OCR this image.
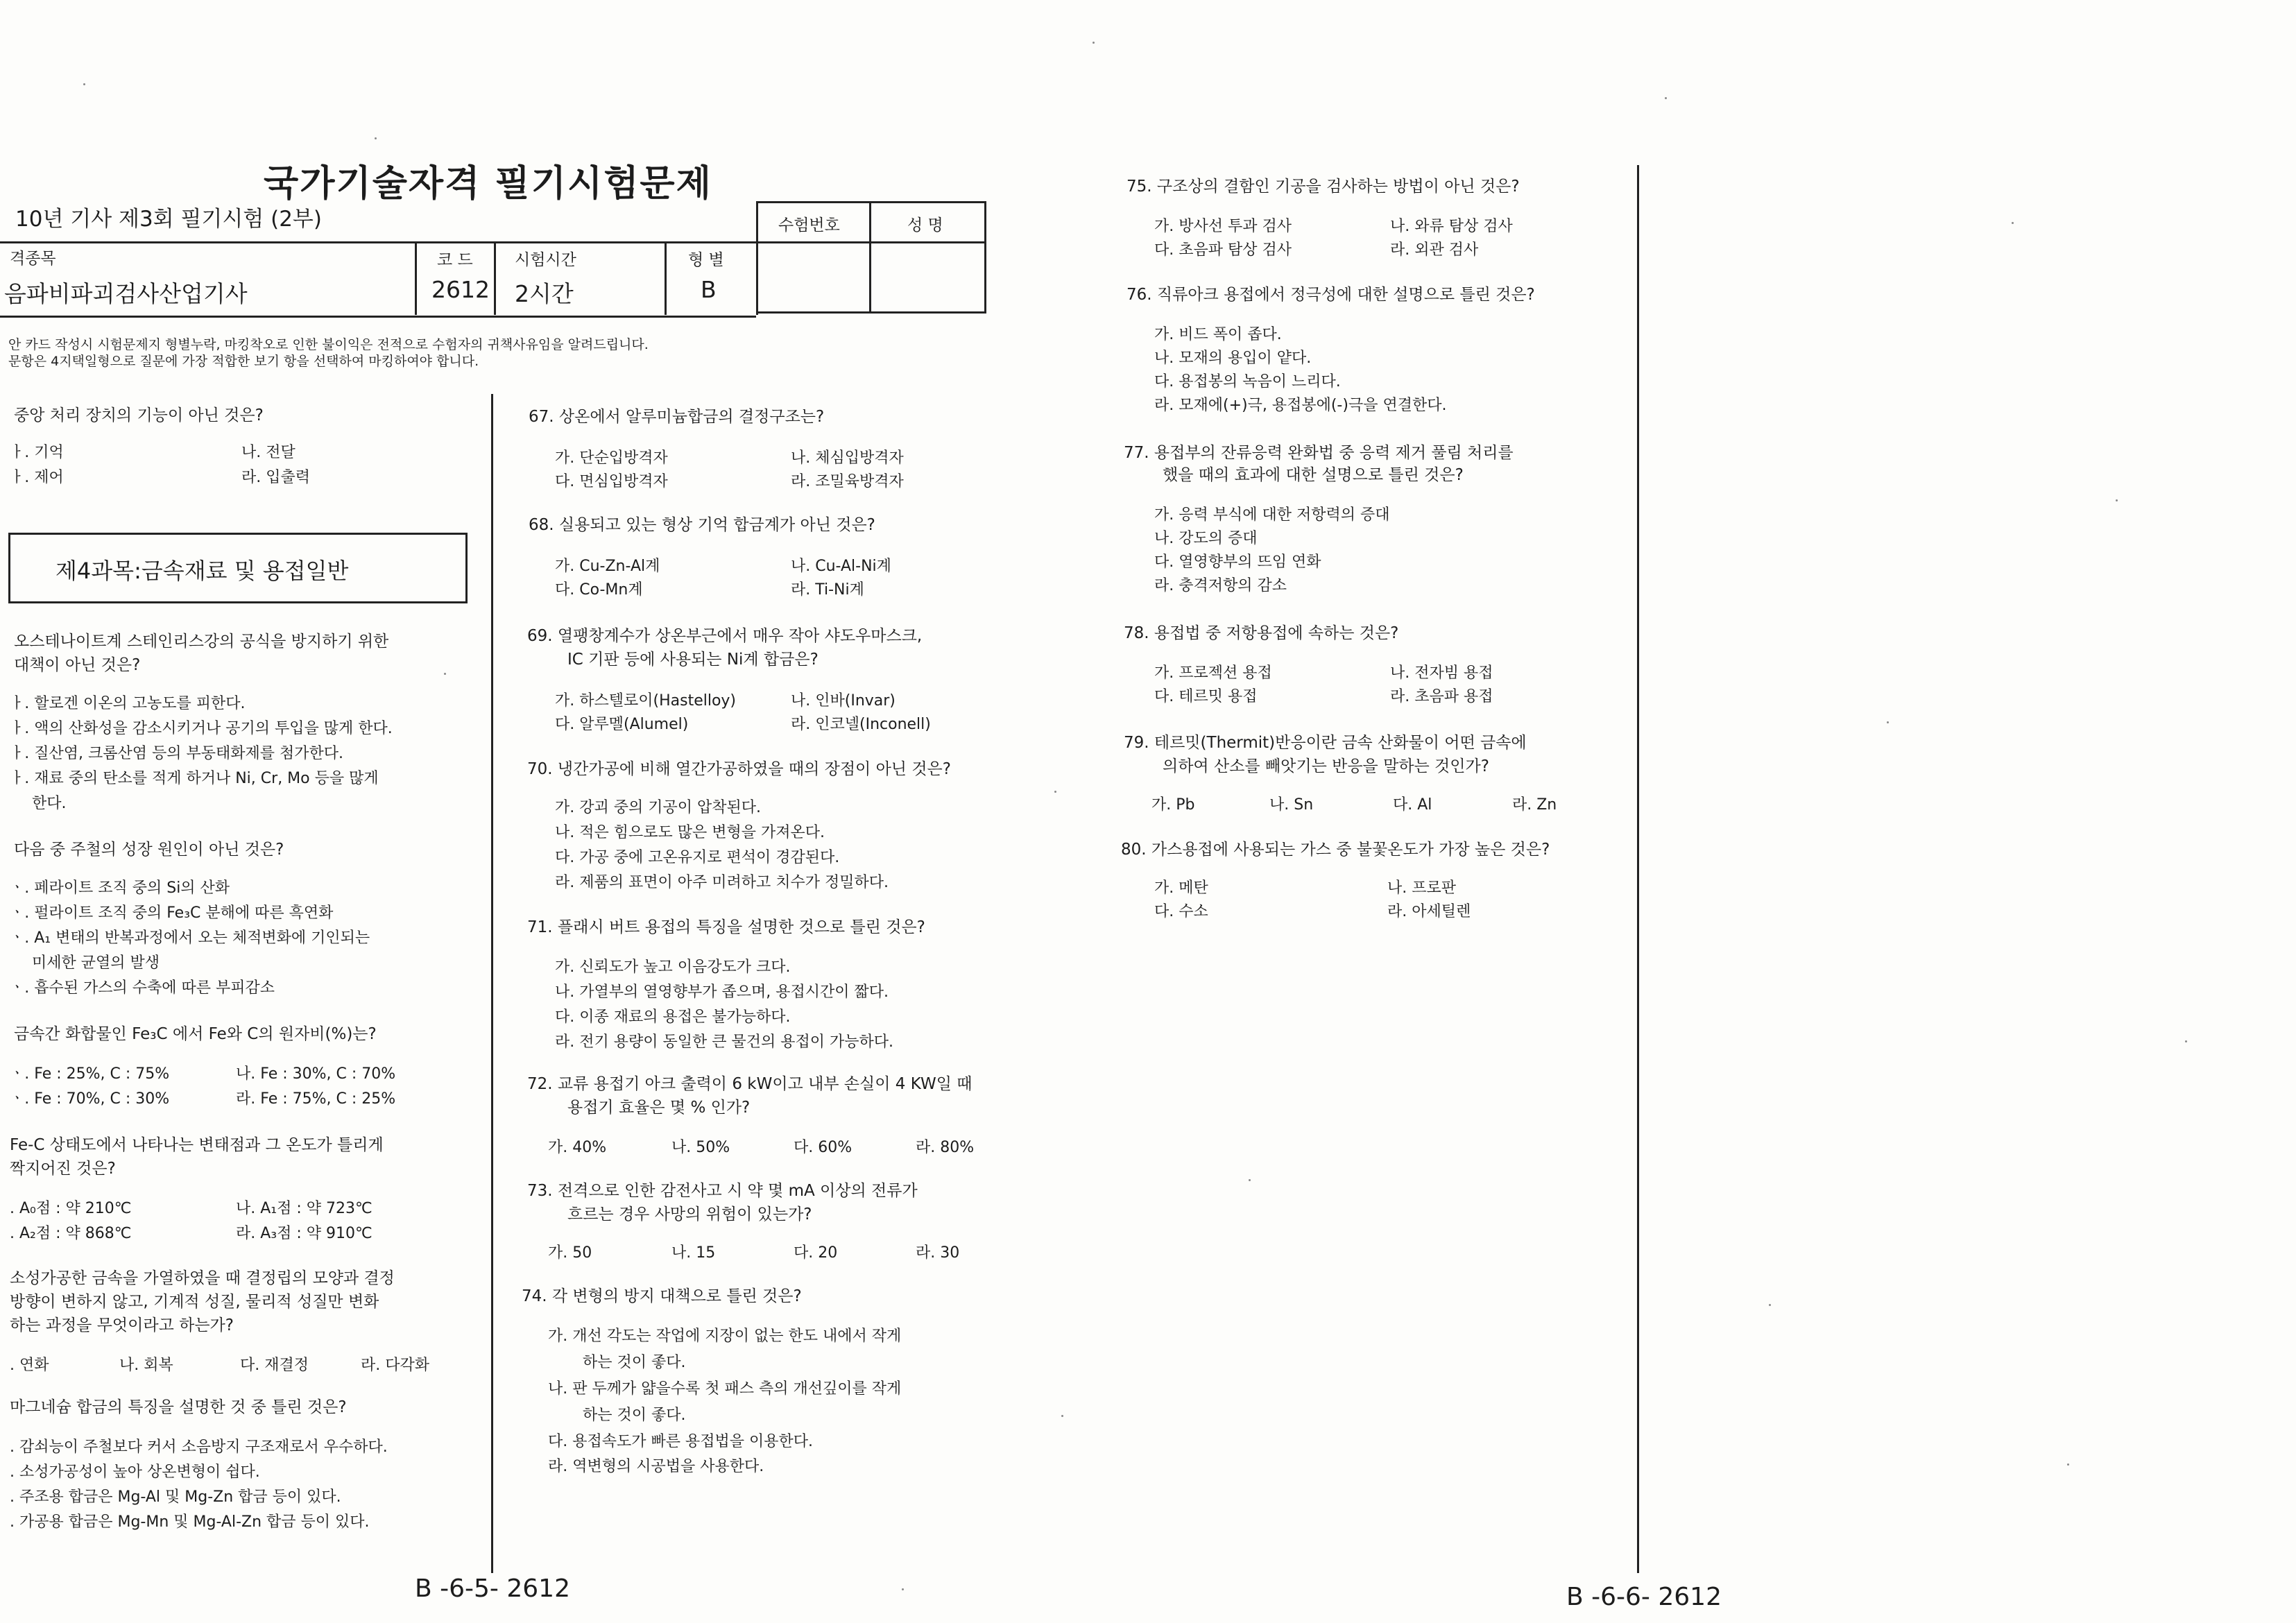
국가기술자격 필기시험문제
10년 기사 제3회 필기시험 (2부)
격종목
음파비파괴검사산업기사
코 드
2612
시험시간
2시간
형 별
B
수험번호	성 명
안 카드 작성시 시험문제지 형별누락, 마킹착오로 인한 불이익은 전적으로 수험자의 귀책사유임을 알려드립니다.
문항은 4지택일형으로 질문에 가장 적합한 보기 항을 선택하여 마킹하여야 합니다.
중앙 처리 장치의 기능이 아닌 것은?
ㅏ. 기억	나. 전달
ㅏ. 제어	라. 입출력
제4과목:금속재료 및 용접일반
오스테나이트계 스테인리스강의 공식을 방지하기 위한
대책이 아닌 것은?
ㅏ. 할로겐 이온의 고농도를 피한다.
ㅏ. 액의 산화성을 감소시키거나 공기의 투입을 많게 한다.
ㅏ. 질산염, 크롬산염 등의 부동태화제를 첨가한다.
ㅏ. 재료 중의 탄소를 적게 하거나 Ni, Cr, Mo 등을 많게
한다.
다음 중 주철의 성장 원인이 아닌 것은?
ㆍ. 페라이트 조직 중의 Si의 산화
ㆍ. 펄라이트 조직 중의 Fe₃C 분해에 따른 흑연화
ㆍ. A₁ 변태의 반복과정에서 오는 체적변화에 기인되는
미세한 균열의 발생
ㆍ. 흡수된 가스의 수축에 따른 부피감소
금속간 화합물인 Fe₃C 에서 Fe와 C의 원자비(%)는?
ㆍ. Fe : 25%, C : 75%	나. Fe : 30%, C : 70%
ㆍ. Fe : 70%, C : 30%	라. Fe : 75%, C : 25%
Fe-C 상태도에서 나타나는 변태점과 그 온도가 틀리게
짝지어진 것은?
. A₀점 : 약 210℃	나. A₁점 : 약 723℃
. A₂점 : 약 868℃	라. A₃점 : 약 910℃
소성가공한 금속을 가열하였을 때 결정립의 모양과 결정
방향이 변하지 않고, 기계적 성질, 물리적 성질만 변화
하는 과정을 무엇이라고 하는가?
. 연화	나. 회복	다. 재결정	라. 다각화
마그네슘 합금의 특징을 설명한 것 중 틀린 것은?
. 감쇠능이 주철보다 커서 소음방지 구조재로서 우수하다.
. 소성가공성이 높아 상온변형이 쉽다.
. 주조용 합금은 Mg-Al 및 Mg-Zn 합금 등이 있다.
. 가공용 합금은 Mg-Mn 및 Mg-Al-Zn 합금 등이 있다.
67. 상온에서 알루미늄합금의 결정구조는?
가. 단순입방격자	나. 체심입방격자
다. 면심입방격자	라. 조밀육방격자
68. 실용되고 있는 형상 기억 합금계가 아닌 것은?
가. Cu-Zn-Al계	나. Cu-Al-Ni계
다. Co-Mn계	라. Ti-Ni계
69. 열팽창계수가 상온부근에서 매우 작아 샤도우마스크,
IC 기판 등에 사용되는 Ni계 합금은?
가. 하스텔로이(Hastelloy)	나. 인바(Invar)
다. 알루멜(Alumel)	라. 인코넬(Inconell)
70. 냉간가공에 비해 열간가공하였을 때의 장점이 아닌 것은?
가. 강괴 중의 기공이 압착된다.
나. 적은 힘으로도 많은 변형을 가져온다.
다. 가공 중에 고온유지로 편석이 경감된다.
라. 제품의 표면이 아주 미려하고 치수가 정밀하다.
71. 플래시 버트 용접의 특징을 설명한 것으로 틀린 것은?
가. 신뢰도가 높고 이음강도가 크다.
나. 가열부의 열영향부가 좁으며, 용접시간이 짧다.
다. 이종 재료의 용접은 불가능하다.
라. 전기 용량이 동일한 큰 물건의 용접이 가능하다.
72. 교류 용접기 아크 출력이 6 kW이고 내부 손실이 4 KW일 때
용접기 효율은 몇 % 인가?
가. 40%	나. 50%	다. 60%	라. 80%
73. 전격으로 인한 감전사고 시 약 몇 mA 이상의 전류가
흐르는 경우 사망의 위험이 있는가?
가. 50	나. 15	다. 20	라. 30
74. 각 변형의 방지 대책으로 틀린 것은?
가. 개선 각도는 작업에 지장이 없는 한도 내에서 작게
하는 것이 좋다.
나. 판 두께가 얇을수록 첫 패스 측의 개선깊이를 작게
하는 것이 좋다.
다. 용접속도가 빠른 용접법을 이용한다.
라. 역변형의 시공법을 사용한다.
75. 구조상의 결함인 기공을 검사하는 방법이 아닌 것은?
가. 방사선 투과 검사	나. 와류 탐상 검사
다. 초음파 탐상 검사	라. 외관 검사
76. 직류아크 용접에서 정극성에 대한 설명으로 틀린 것은?
가. 비드 폭이 좁다.
나. 모재의 용입이 얕다.
다. 용접봉의 녹음이 느리다.
라. 모재에(+)극, 용접봉에(-)극을 연결한다.
77. 용접부의 잔류응력 완화법 중 응력 제거 풀림 처리를
했을 때의 효과에 대한 설명으로 틀린 것은?
가. 응력 부식에 대한 저항력의 증대
나. 강도의 증대
다. 열영향부의 뜨임 연화
라. 충격저항의 감소
78. 용접법 중 저항용접에 속하는 것은?
가. 프로젝션 용접	나. 전자빔 용접
다. 테르밋 용접	라. 초음파 용접
79. 테르밋(Thermit)반응이란 금속 산화물이 어떤 금속에
의하여 산소를 빼앗기는 반응을 말하는 것인가?
가. Pb	나. Sn	다. Al	라. Zn
80. 가스용접에 사용되는 가스 중 불꽃온도가 가장 높은 것은?
가. 메탄	나. 프로판
다. 수소	라. 아세틸렌
B -6-5- 2612	B -6-6- 2612
